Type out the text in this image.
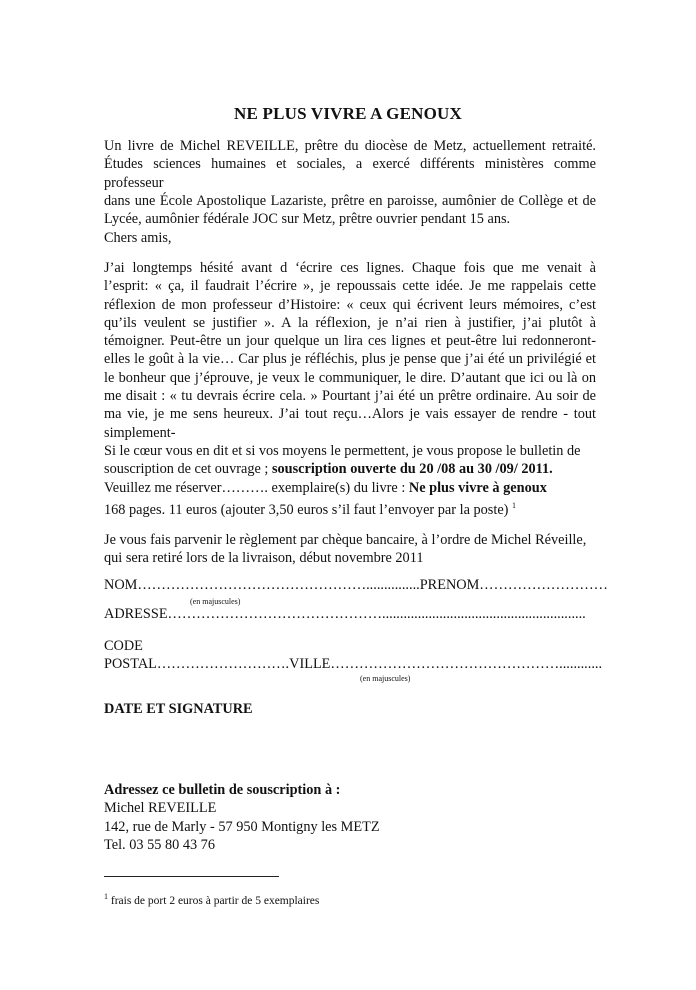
NE PLUS VIVRE A GENOUX
Un livre de Michel REVEILLE, prêtre du diocèse de Metz, actuellement retraité.
Études sciences humaines et sociales, a exercé différents ministères comme professeur
dans une École Apostolique Lazariste, prêtre en paroisse, aumônier de Collège et de
Lycée, aumônier fédérale JOC sur Metz, prêtre ouvrier pendant 15 ans.
Chers amis,
J’ai longtemps hésité avant d ‘écrire ces lignes. Chaque fois que me venait à
l’esprit: « ça, il faudrait l’écrire », je repoussais cette idée. Je me rappelais cette
réflexion de mon professeur d’Histoire: « ceux qui écrivent leurs mémoires, c’est
qu’ils veulent se justifier ». A la réflexion, je n’ai rien à justifier, j’ai plutôt à
témoigner. Peut-être un jour quelque un lira ces lignes et peut-être lui redonneront-
elles le goût à la vie… Car plus je réfléchis, plus je pense que j’ai été un privilégié et
le bonheur que j’éprouve, je veux le communiquer, le dire. D’autant que ici ou là on
me disait : « tu devrais écrire cela. » Pourtant j’ai été un prêtre ordinaire. Au soir de
ma vie, je me sens heureux. J’ai tout reçu…Alors je vais essayer de rendre - tout
simplement-
Si le cœur vous en dit et si vos moyens le permettent, je vous propose le bulletin de
souscription de cet ouvrage ; souscription ouverte du 20 /08 au 30 /09/ 2011.
Veuillez me réserver………. exemplaire(s) du livre : Ne plus vivre à genoux
168 pages. 11 euros (ajouter 3,50 euros s’il faut l’envoyer par la poste) $^1$
Je vous fais parvenir le règlement par chèque bancaire, à l’ordre de Michel Réveille,
qui sera retiré lors de la livraison, début novembre 2011
NOM…………………………………………...............PRENOM………………………
(en majuscules)
ADRESSE……………………………………….........................................................
CODE
POSTAL……………………….VILLE…………………………………………............
(en majuscules)
DATE ET SIGNATURE
Adressez ce bulletin de souscription à :
Michel REVEILLE
142, rue de Marly - 57 950 Montigny les METZ
Tel. 03 55 80 43 76
$^1$ frais de port 2 euros à partir de 5 exemplaires
